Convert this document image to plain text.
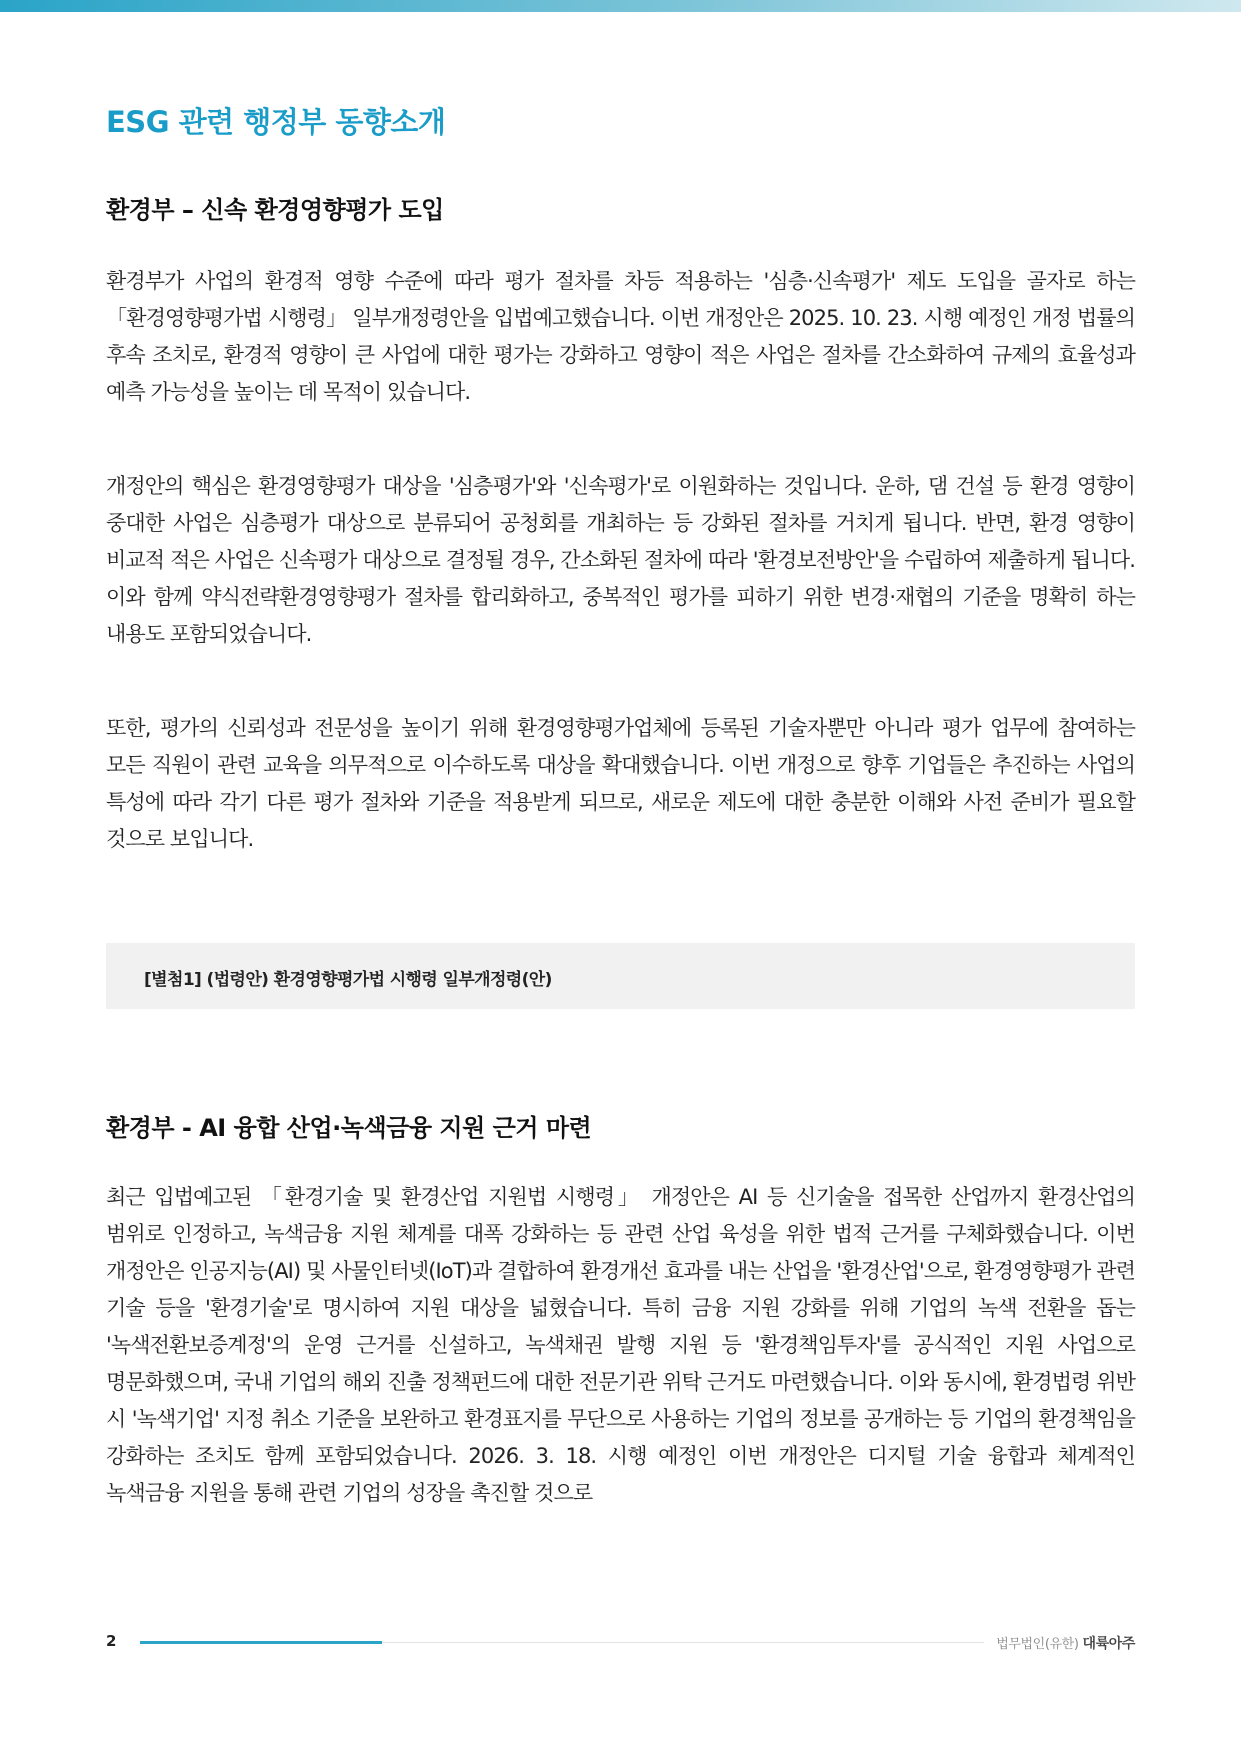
ESG 관련 행정부 동향소개
환경부 – 신속 환경영향평가 도입

환경부가 사업의 환경적 영향 수준에 따라 평가 절차를 차등 적용하는 '심층·신속평가' 제도 도입을 골자로 하는 「환경영향평가법 시행령」 일부개정령안을 입법예고했습니다. 이번 개정안은 2025. 10. 23. 시행 예정인 개정 법률의 후속 조치로, 환경적 영향이 큰 사업에 대한 평가는 강화하고 영향이 적은 사업은 절차를 간소화하여 규제의 효율성과 예측 가능성을 높이는 데 목적이 있습니다.

개정안의 핵심은 환경영향평가 대상을 '심층평가'와 '신속평가'로 이원화하는 것입니다. 운하, 댐 건설 등 환경 영향이 중대한 사업은 심층평가 대상으로 분류되어 공청회를 개최하는 등 강화된 절차를 거치게 됩니다. 반면, 환경 영향이 비교적 적은 사업은 신속평가 대상으로 결정될 경우, 간소화된 절차에 따라 '환경보전방안'을 수립하여 제출하게 됩니다. 이와 함께 약식전략환경영향평가 절차를 합리화하고, 중복적인 평가를 피하기 위한 변경·재협의 기준을 명확히 하는 내용도 포함되었습니다.

또한, 평가의 신뢰성과 전문성을 높이기 위해 환경영향평가업체에 등록된 기술자뿐만 아니라 평가 업무에 참여하는 모든 직원이 관련 교육을 의무적으로 이수하도록 대상을 확대했습니다. 이번 개정으로 향후 기업들은 추진하는 사업의 특성에 따라 각기 다른 평가 절차와 기준을 적용받게 되므로, 새로운 제도에 대한 충분한 이해와 사전 준비가 필요할 것으로 보입니다.

[별첨1] (법령안) 환경영향평가법 시행령 일부개정령(안)
환경부 - AI 융합 산업·녹색금융 지원 근거 마련

최근 입법예고된 「환경기술 및 환경산업 지원법 시행령」 개정안은 AI 등 신기술을 접목한 산업까지 환경산업의 범위로 인정하고, 녹색금융 지원 체계를 대폭 강화하는 등 관련 산업 육성을 위한 법적 근거를 구체화했습니다. 이번 개정안은 인공지능(AI) 및 사물인터넷(IoT)과 결합하여 환경개선 효과를 내는 산업을 '환경산업'으로, 환경영향평가 관련 기술 등을 '환경기술'로 명시하여 지원 대상을 넓혔습니다. 특히 금융 지원 강화를 위해 기업의 녹색 전환을 돕는 '녹색전환보증계정'의 운영 근거를 신설하고, 녹색채권 발행 지원 등 '환경책임투자'를 공식적인 지원 사업으로 명문화했으며, 국내 기업의 해외 진출 정책펀드에 대한 전문기관 위탁 근거도 마련했습니다. 이와 동시에, 환경법령 위반 시 '녹색기업' 지정 취소 기준을 보완하고 환경표지를 무단으로 사용하는 기업의 정보를 공개하는 등 기업의 환경책임을 강화하는 조치도 함께 포함되었습니다. 2026. 3. 18. 시행 예정인 이번 개정안은 디지털 기술 융합과 체계적인 녹색금융 지원을 통해 관련 기업의 성장을 촉진할 것으로

2	법무법인(유한) 대륙아주
